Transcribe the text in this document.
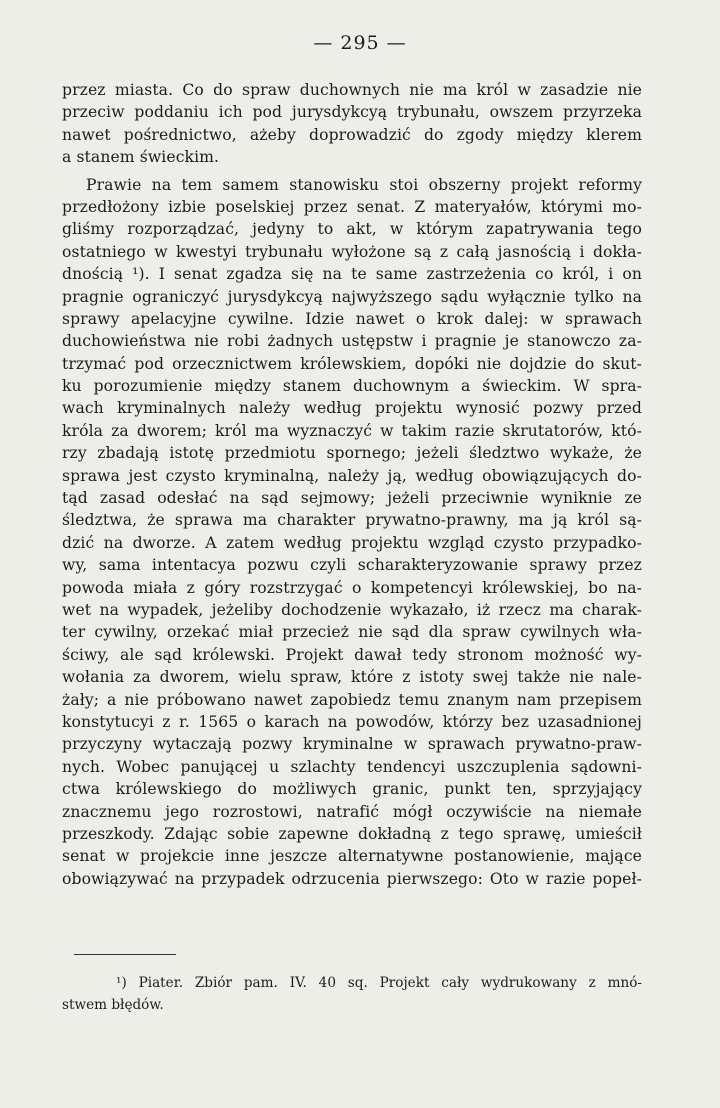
— 295 —
przez miasta. Co do spraw duchownych nie ma król w zasadzie nie
przeciw poddaniu ich pod jurysdykcyą trybunału, owszem przyrzeka
nawet pośrednictwo, ażeby doprowadzić do zgody między klerem
a stanem świeckim.
Prawie na tem samem stanowisku stoi obszerny projekt reformy
przedłożony izbie poselskiej przez senat. Z materyałów, którymi mo-
gliśmy rozporządzać, jedyny to akt, w którym zapatrywania tego
ostatniego w kwestyi trybunału wyłożone są z całą jasnością i dokła-
dnością ¹). I senat zgadza się na te same zastrzeżenia co król, i on
pragnie ograniczyć jurysdykcyą najwyższego sądu wyłącznie tylko na
sprawy apelacyjne cywilne. Idzie nawet o krok dalej: w sprawach
duchowieństwa nie robi żadnych ustępstw i pragnie je stanowczo za-
trzymać pod orzecznictwem królewskiem, dopóki nie dojdzie do skut-
ku porozumienie między stanem duchownym a świeckim. W spra-
wach kryminalnych należy według projektu wynosić pozwy przed
króla za dworem; król ma wyznaczyć w takim razie skrutatorów, któ-
rzy zbadają istotę przedmiotu spornego; jeżeli śledztwo wykaże, że
sprawa jest czysto kryminalną, należy ją, według obowiązujących do-
tąd zasad odesłać na sąd sejmowy; jeżeli przeciwnie wyniknie ze
śledztwa, że sprawa ma charakter prywatno-prawny, ma ją król są-
dzić na dworze. A zatem według projektu wzgląd czysto przypadko-
wy, sama intentacya pozwu czyli scharakteryzowanie sprawy przez
powoda miała z góry rozstrzygać o kompetencyi królewskiej, bo na-
wet na wypadek, jeżeliby dochodzenie wykazało, iż rzecz ma charak-
ter cywilny, orzekać miał przecież nie sąd dla spraw cywilnych wła-
ściwy, ale sąd królewski. Projekt dawał tedy stronom możność wy-
wołania za dworem, wielu spraw, które z istoty swej także nie nale-
żały; a nie próbowano nawet zapobiedz temu znanym nam przepisem
konstytucyi z r. 1565 o karach na powodów, którzy bez uzasadnionej
przyczyny wytaczają pozwy kryminalne w sprawach prywatno-praw-
nych. Wobec panującej u szlachty tendencyi uszczuplenia sądowni-
ctwa królewskiego do możliwych granic, punkt ten, sprzyjający
znacznemu jego rozrostowi, natrafić mógł oczywiście na niemałe
przeszkody. Zdając sobie zapewne dokładną z tego sprawę, umieścił
senat w projekcie inne jeszcze alternatywne postanowienie, mające
obowiązywać na przypadek odrzucenia pierwszego: Oto w razie popeł-
¹) Piater. Zbiór pam. IV. 40 sq. Projekt cały wydrukowany z mnó-
stwem błędów.
